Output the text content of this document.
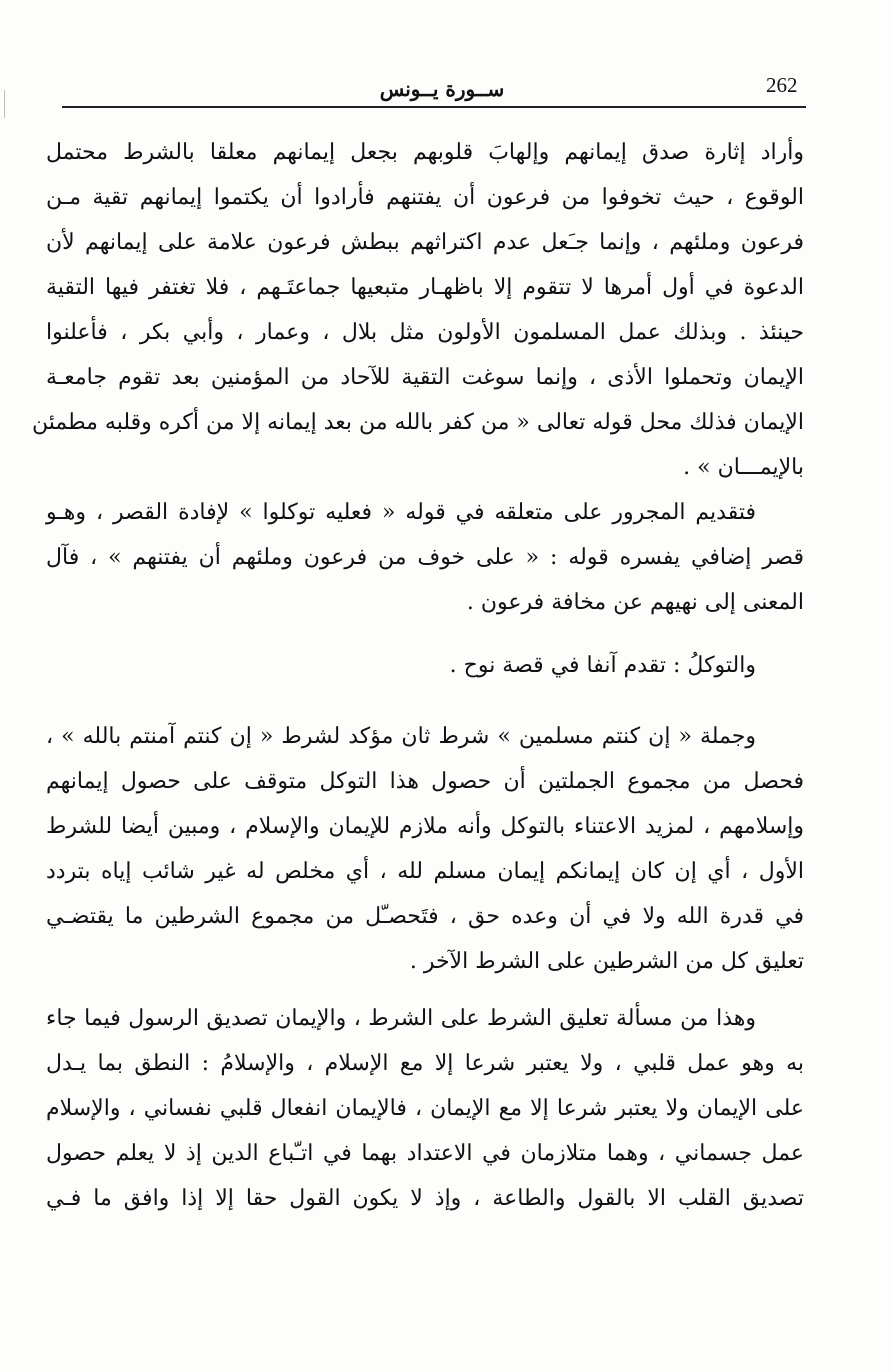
262
ســورة يــونس
وأراد إثارة صدق إيمانهم وإلهابَ قلوبهم بجعل إيمانهم معلقا بالشرط محتمل
الوقوع ، حيث تخوفوا من فرعون أن يفتنهم فأرادوا أن يكتموا إيمانهم تقية مـن
فرعون وملئهم ، وإنما جـَعل عدم اكتراثهم ببطش فرعون علامة على إيمانهم لأن
الدعوة في أول أمرها لا تتقوم إلا باظهـار متبعيها جماعتَـهم ، فلا تغتفر فيها التقية
حينئذ . وبذلك عمل المسلمون الأولون مثل بلال ، وعمار ، وأبي بكر ، فأعلنوا
الإيمان وتحملوا الأذى ، وإنما سوغت التقية للآحاد من المؤمنين بعد تقوم جامعـة
الإيمان فذلك محل قوله تعالى « من كفر بالله من بعد إيمانه إلا من أكره وقلبه مطمئن
بالإيمـــان » .
فتقديم المجرور على متعلقه في قوله « فعليه توكلوا » لإفادة القصر ، وهـو
قصر إضافي يفسره قوله : « على خوف من فرعون وملئهم أن يفتنهم » ، فآل
المعنى إلى نهيهم عن مخافة فرعون .
والتوكلُ : تقدم آنفا في قصة نوح .
وجملة « إن كنتم مسلمين » شرط ثان مؤكد لشرط « إن كنتم آمنتم بالله » ،
فحصل من مجموع الجملتين أن حصول هذا التوكل متوقف على حصول إيمانهم
وإسلامهم ، لمزيد الاعتناء بالتوكل وأنه ملازم للإيمان والإسلام ، ومبين أيضا للشرط
الأول ، أي إن كان إيمانكم إيمان مسلم لله ، أي مخلص له غير شائب إياه بتردد
في قدرة الله ولا في أن وعده حق ، فتَحصـّل من مجموع الشرطين ما يقتضـي
تعليق كل من الشرطين على الشرط الآخر .
وهذا من مسألة تعليق الشرط على الشرط ، والإيمان تصديق الرسول فيما جاء
به وهو عمل قلبي ، ولا يعتبر شرعا إلا مع الإسلام ، والإسلامُ : النطق بما يـدل
على الإيمان ولا يعتبر شرعا إلا مع الإيمان ، فالإيمان انفعال قلبي نفساني ، والإسلام
عمل جسماني ، وهما متلازمان في الاعتداد بهما في اتـّباع الدين إذ لا يعلم حصول
تصديق القلب الا بالقول والطاعة ، وإذ لا يكون القول حقا إلا إذا وافق ما فـي
